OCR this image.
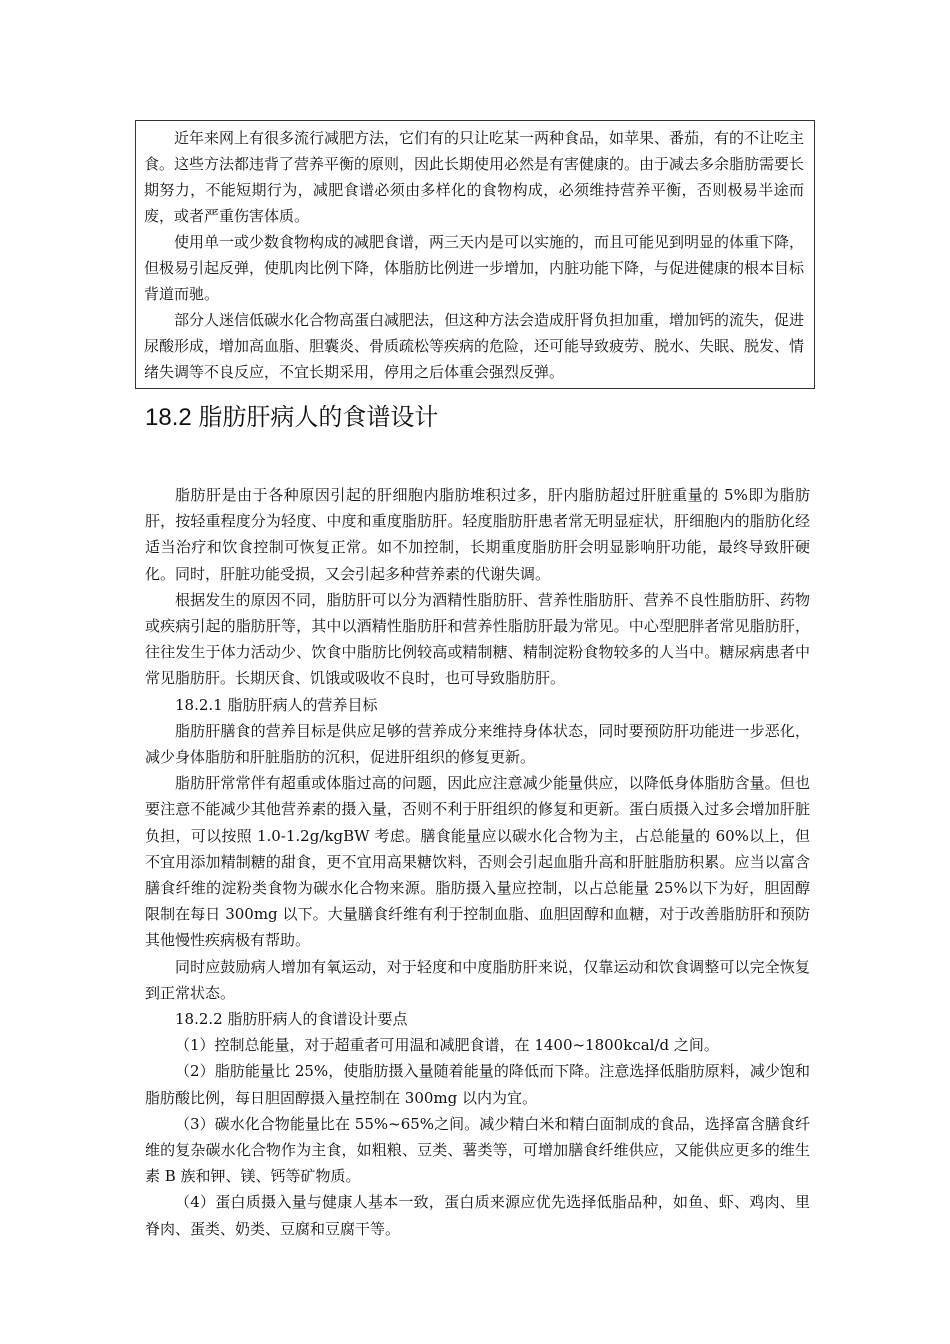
近年来网上有很多流行减肥方法，它们有的只让吃某一两种食品，如苹果、番茄，有的不让吃主食。这些方法都违背了营养平衡的原则，因此长期使用必然是有害健康的。由于减去多余脂肪需要长期努力，不能短期行为，减肥食谱必须由多样化的食物构成，必须维持营养平衡，否则极易半途而废，或者严重伤害体质。

使用单一或少数食物构成的减肥食谱，两三天内是可以实施的，而且可能见到明显的体重下降，但极易引起反弹，使肌肉比例下降，体脂肪比例进一步增加，内脏功能下降，与促进健康的根本目标背道而驰。

部分人迷信低碳水化合物高蛋白减肥法，但这种方法会造成肝肾负担加重，增加钙的流失，促进尿酸形成，增加高血脂、胆囊炎、骨质疏松等疾病的危险，还可能导致疲劳、脱水、失眠、脱发、情绪失调等不良反应，不宜长期采用，停用之后体重会强烈反弹。

18.2 脂肪肝病人的食谱设计

脂肪肝是由于各种原因引起的肝细胞内脂肪堆积过多，肝内脂肪超过肝脏重量的 5%即为脂肪肝，按轻重程度分为轻度、中度和重度脂肪肝。轻度脂肪肝患者常无明显症状，肝细胞内的脂肪化经适当治疗和饮食控制可恢复正常。如不加控制，长期重度脂肪肝会明显影响肝功能，最终导致肝硬化。同时，肝脏功能受损，又会引起多种营养素的代谢失调。

根据发生的原因不同，脂肪肝可以分为酒精性脂肪肝、营养性脂肪肝、营养不良性脂肪肝、药物或疾病引起的脂肪肝等，其中以酒精性脂肪肝和营养性脂肪肝最为常见。中心型肥胖者常见脂肪肝，往往发生于体力活动少、饮食中脂肪比例较高或精制糖、精制淀粉食物较多的人当中。糖尿病患者中常见脂肪肝。长期厌食、饥饿或吸收不良时，也可导致脂肪肝。

18.2.1 脂肪肝病人的营养目标

脂肪肝膳食的营养目标是供应足够的营养成分来维持身体状态，同时要预防肝功能进一步恶化，减少身体脂肪和肝脏脂肪的沉积，促进肝组织的修复更新。

脂肪肝常常伴有超重或体脂过高的问题，因此应注意减少能量供应，以降低身体脂肪含量。但也要注意不能减少其他营养素的摄入量，否则不利于肝组织的修复和更新。蛋白质摄入过多会增加肝脏负担，可以按照 1.0-1.2g/kgBW 考虑。膳食能量应以碳水化合物为主，占总能量的 60%以上，但不宜用添加精制糖的甜食，更不宜用高果糖饮料，否则会引起血脂升高和肝脏脂肪积累。应当以富含膳食纤维的淀粉类食物为碳水化合物来源。脂肪摄入量应控制，以占总能量 25%以下为好，胆固醇限制在每日 300mg 以下。大量膳食纤维有利于控制血脂、血胆固醇和血糖，对于改善脂肪肝和预防其他慢性疾病极有帮助。

同时应鼓励病人增加有氧运动，对于轻度和中度脂肪肝来说，仅靠运动和饮食调整可以完全恢复到正常状态。

18.2.2 脂肪肝病人的食谱设计要点

（1）控制总能量，对于超重者可用温和减肥食谱，在 1400~1800kcal/d 之间。

（2）脂肪能量比 25%，使脂肪摄入量随着能量的降低而下降。注意选择低脂肪原料，减少饱和脂肪酸比例，每日胆固醇摄入量控制在 300mg 以内为宜。

（3）碳水化合物能量比在 55%~65%之间。减少精白米和精白面制成的食品，选择富含膳食纤维的复杂碳水化合物作为主食，如粗粮、豆类、薯类等，可增加膳食纤维供应，又能供应更多的维生素 B 族和钾、镁、钙等矿物质。

（4）蛋白质摄入量与健康人基本一致，蛋白质来源应优先选择低脂品种，如鱼、虾、鸡肉、里脊肉、蛋类、奶类、豆腐和豆腐干等。
